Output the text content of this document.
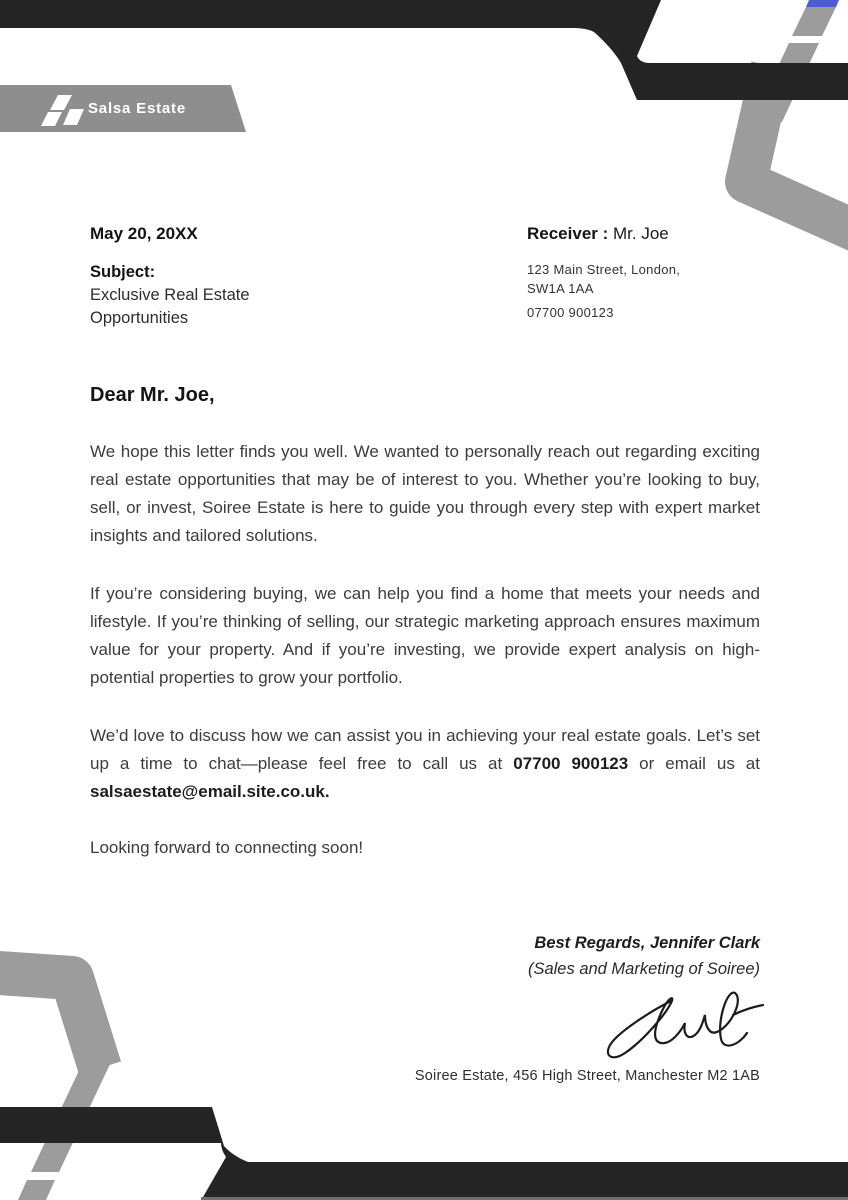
Salsa Estate
May 20, 20XX
Subject:
Exclusive Real Estate
Opportunities
Receiver : Mr. Joe
123 Main Street, London,
SW1A 1AA
07700 900123
Dear Mr. Joe,

We hope this letter finds you well. We wanted to personally reach out regarding exciting real estate opportunities that may be of interest to you. Whether you’re looking to buy, sell, or invest, Soiree Estate is here to guide you through every step with expert market insights and tailored solutions.

If you’re considering buying, we can help you find a home that meets your needs and lifestyle. If you’re thinking of selling, our strategic marketing approach ensures maximum value for your property. And if you’re investing, we provide expert analysis on high-potential properties to grow your portfolio.

We’d love to discuss how we can assist you in achieving your real estate goals. Let’s set up a time to chat—please feel free to call us at 07700 900123 or email us at salsaestate@email.site.co.uk.

Looking forward to connecting soon!
Best Regards, Jennifer Clark
(Sales and Marketing of Soiree)
Soiree Estate, 456 High Street, Manchester M2 1AB
